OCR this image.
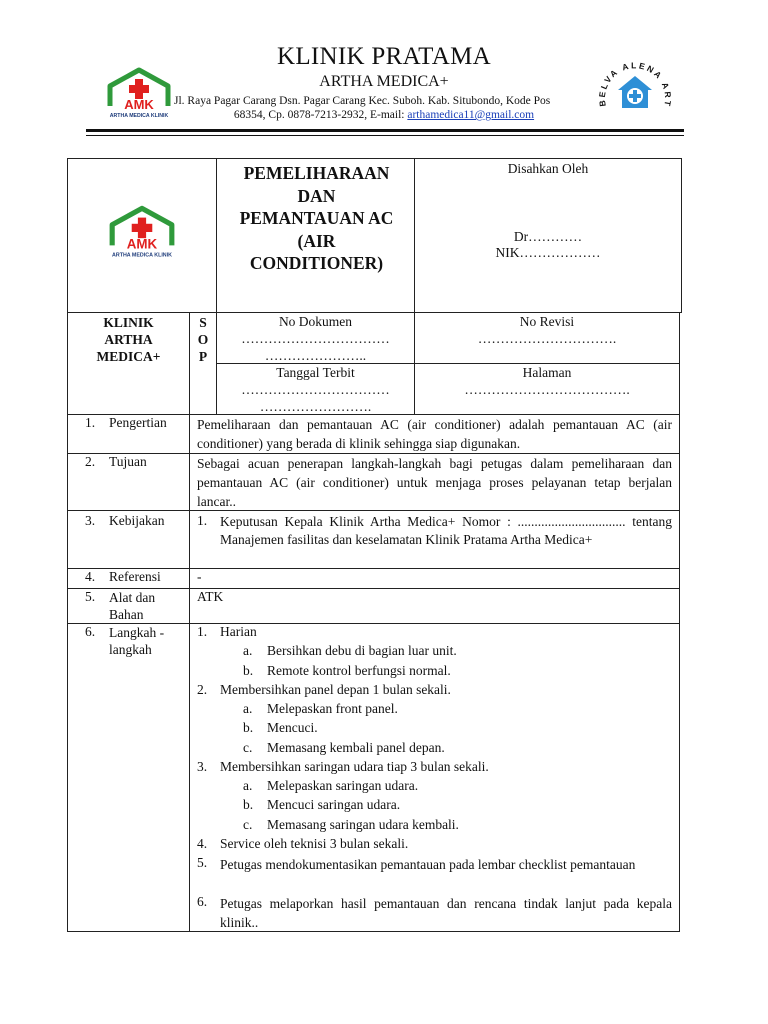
AMK
ARTHA MEDICA KLINIK
KLINIK PRATAMA
ARTHA MEDICA+
Jl. Raya Pagar Carang Dsn. Pagar Carang Kec. Suboh. Kab. Situbondo, Kode Pos
68354, Cp. 0878-7213-2932, E-mail: arthamedica11@gmail.com
BELVA ALENA ART
AMK
ARTHA MEDICA KLINIK
PEMELIHARAAN
DAN
PEMANTAUAN AC
(AIR
CONDITIONER)
Disahkan Oleh
Dr…………
NIK………………
KLINIK
ARTHA
MEDICA+
S
O
P
No Dokumen
……………………………
…………………..
No Revisi
………………………….
Tanggal Terbit
……………………………
…………………….
Halaman
……………………………….
1. Pengertian Pemeliharaan dan pemantauan AC (air conditioner) adalah pemantauan AC (air conditioner) yang berada di klinik sehingga siap digunakan.
2. Tujuan	Sebagai acuan penerapan langkah-langkah bagi petugas dalam pemeliharaan dan pemantauan AC (air conditioner) untuk menjaga proses pelayanan tetap berjalan lancar..
3. Kebijakan 1. Keputusan Kepala Klinik Artha Medica+ Nomor : ................................ tentang Manajemen fasilitas dan keselamatan Klinik Pratama Artha Medica+
4. Referensi	-
5. Alat dan
Bahan
ATK
6. Langkah -
langkah
1. Harian
a. Bersihkan debu di bagian luar unit.
b. Remote kontrol berfungsi normal.
2. Membersihkan panel depan 1 bulan sekali.
a. Melepaskan front panel.
b. Mencuci.
c. Memasang kembali panel depan.
3. Membersihkan saringan udara tiap 3 bulan sekali.
a. Melepaskan saringan udara.
b. Mencuci saringan udara.
c. Memasang saringan udara kembali.
4. Service oleh teknisi 3 bulan sekali.
5. Petugas mendokumentasikan pemantauan pada lembar checklist pemantauan
6. Petugas melaporkan hasil pemantauan dan rencana tindak lanjut pada kepala klinik..
